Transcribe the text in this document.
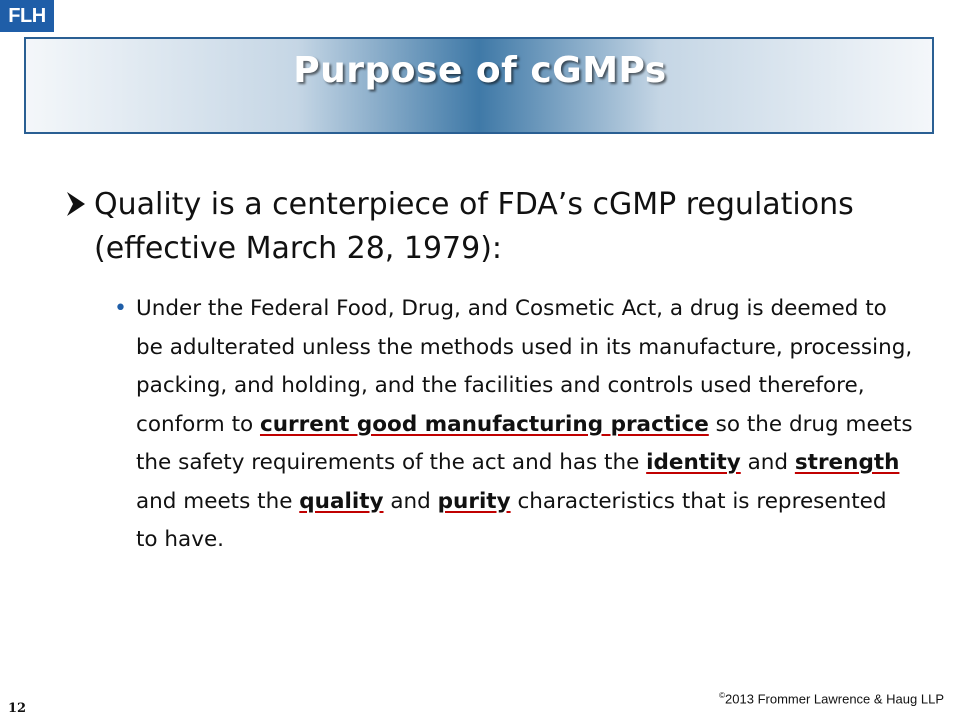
FLH
Purpose of cGMPs
Quality is a centerpiece of FDA’s cGMP regulations (effective March 28, 1979):
• Under the Federal Food, Drug, and Cosmetic Act, a drug is deemed to be adulterated unless the methods used in its manufacture, processing, packing, and holding, and the facilities and controls used therefore, conform to current good manufacturing practice so the drug meets the safety requirements of the act and has the identity and strength and meets the quality and purity characteristics that is represented to have.
12
©2013 Frommer Lawrence & Haug LLP
